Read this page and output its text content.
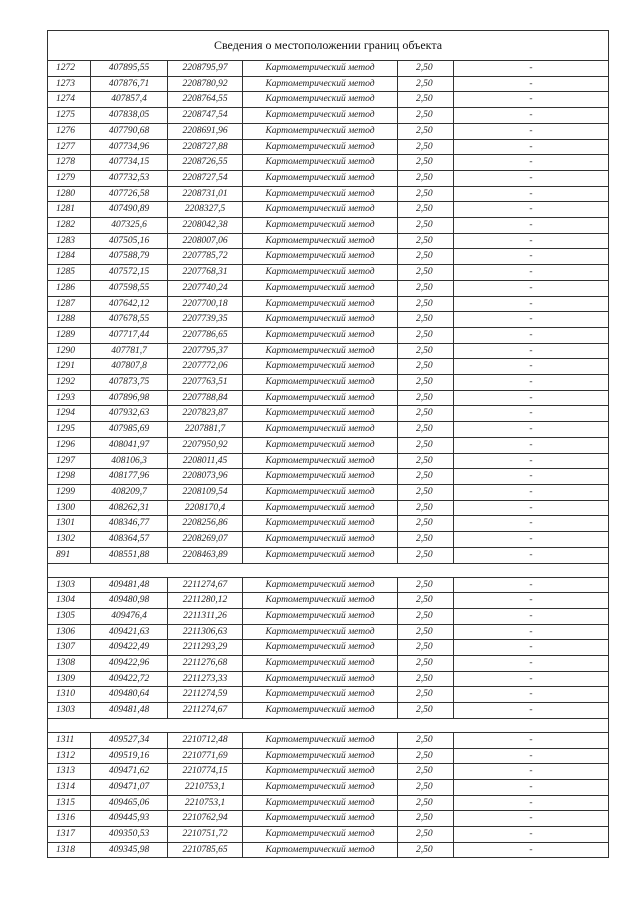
Сведения о местоположении границ объекта					
1272	407895,55	2208795,97	Картометрический метод	2,50	-
1273	407876,71	2208780,92	Картометрический метод	2,50	-
1274	407857,4	2208764,55	Картометрический метод	2,50	-
1275	407838,05	2208747,54	Картометрический метод	2,50	-
1276	407790,68	2208691,96	Картометрический метод	2,50	-
1277	407734,96	2208727,88	Картометрический метод	2,50	-
1278	407734,15	2208726,55	Картометрический метод	2,50	-
1279	407732,53	2208727,54	Картометрический метод	2,50	-
1280	407726,58	2208731,01	Картометрический метод	2,50	-
1281	407490,89	2208327,5	Картометрический метод	2,50	-
1282	407325,6	2208042,38	Картометрический метод	2,50	-
1283	407505,16	2208007,06	Картометрический метод	2,50	-
1284	407588,79	2207785,72	Картометрический метод	2,50	-
1285	407572,15	2207768,31	Картометрический метод	2,50	-
1286	407598,55	2207740,24	Картометрический метод	2,50	-
1287	407642,12	2207700,18	Картометрический метод	2,50	-
1288	407678,55	2207739,35	Картометрический метод	2,50	-
1289	407717,44	2207786,65	Картометрический метод	2,50	-
1290	407781,7	2207795,37	Картометрический метод	2,50	-
1291	407807,8	2207772,06	Картометрический метод	2,50	-
1292	407873,75	2207763,51	Картометрический метод	2,50	-
1293	407896,98	2207788,84	Картометрический метод	2,50	-
1294	407932,63	2207823,87	Картометрический метод	2,50	-
1295	407985,69	2207881,7	Картометрический метод	2,50	-
1296	408041,97	2207950,92	Картометрический метод	2,50	-
1297	408106,3	2208011,45	Картометрический метод	2,50	-
1298	408177,96	2208073,96	Картометрический метод	2,50	-
1299	408209,7	2208109,54	Картометрический метод	2,50	-
1300	408262,31	2208170,4	Картометрический метод	2,50	-
1301	408346,77	2208256,86	Картометрический метод	2,50	-
1302	408364,57	2208269,07	Картометрический метод	2,50	-
891	408551,88	2208463,89	Картометрический метод	2,50	-

1303	409481,48	2211274,67	Картометрический метод	2,50	-
1304	409480,98	2211280,12	Картометрический метод	2,50	-
1305	409476,4	2211311,26	Картометрический метод	2,50	-
1306	409421,63	2211306,63	Картометрический метод	2,50	-
1307	409422,49	2211293,29	Картометрический метод	2,50	-
1308	409422,96	2211276,68	Картометрический метод	2,50	-
1309	409422,72	2211273,33	Картометрический метод	2,50	-
1310	409480,64	2211274,59	Картометрический метод	2,50	-
1303	409481,48	2211274,67	Картометрический метод	2,50	-

1311	409527,34	2210712,48	Картометрический метод	2,50	-
1312	409519,16	2210771,69	Картометрический метод	2,50	-
1313	409471,62	2210774,15	Картометрический метод	2,50	-
1314	409471,07	2210753,1	Картометрический метод	2,50	-
1315	409465,06	2210753,1	Картометрический метод	2,50	-
1316	409445,93	2210762,94	Картометрический метод	2,50	-
1317	409350,53	2210751,72	Картометрический метод	2,50	-
1318	409345,98	2210785,65	Картометрический метод	2,50	-
